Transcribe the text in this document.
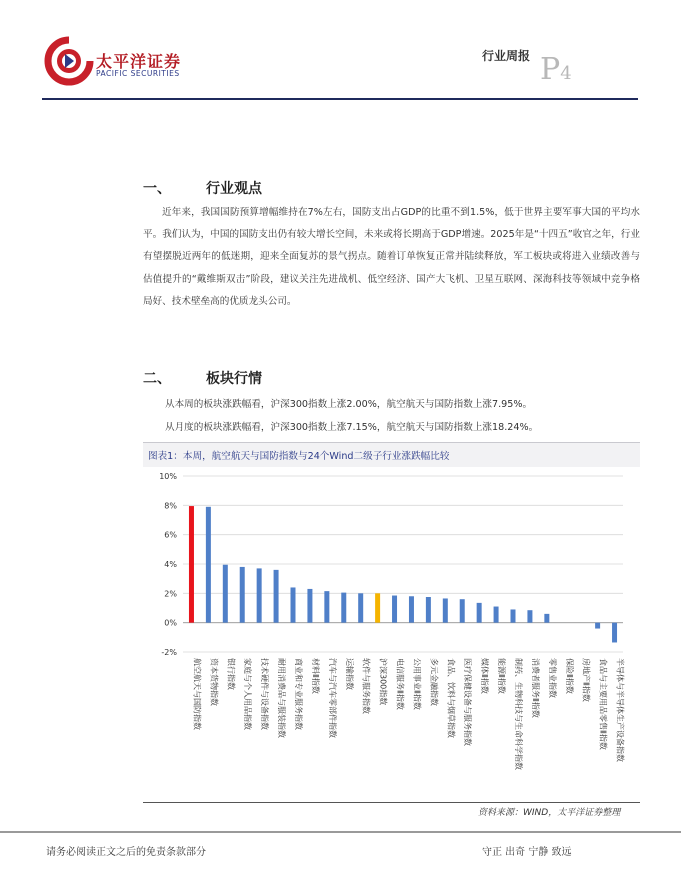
太平洋证券
PACIFIC SECURITIES
行业周报 P4
一、	行业观点
近年来，我国国防预算增幅维持在7%左右，国防支出占GDP的比重不到1.5%，低于世界主要军事大国的平均水平。我们认为，中国的国防支出仍有较大增长空间，未来或将长期高于GDP增速。2025年是“十四五”收官之年，行业有望摆脱近两年的低迷期，迎来全面复苏的景气拐点。随着订单恢复正常并陆续释放，军工板块或将进入业绩改善与估值提升的“戴维斯双击”阶段，建议关注先进战机、低空经济、国产大飞机、卫星互联网、深海科技等领域中竞争格局好、技术壁垒高的优质龙头公司。
二、	板块行情
从本周的板块涨跌幅看，沪深300指数上涨2.00%，航空航天与国防指数上涨7.95%。
从月度的板块涨跌幅看，沪深300指数上涨7.15%，航空航天与国防指数上涨18.24%。
图表1：本周，航空航天与国防指数与24个Wind二级子行业涨跌幅比较
10%
8%
6%
4%
2%
0%
-2%
航空航天与国防指数 资本货物指数 银行指数 家庭与个人用品指数 技术硬件与设备指数 耐用消费品与服装指数 商业和专业服务指数 材料Ⅱ指数 汽车与汽车零部件指数 运输指数 软件与服务指数 沪深300指数 电信服务Ⅱ指数 公用事业Ⅱ指数 多元金融指数 食品、饮料与烟草指数 医疗保健设备与服务指数 媒体Ⅱ指数 能源Ⅱ指数 制药、生物科技与生命科学指数 消费者服务Ⅱ指数 零售业指数 保险Ⅱ指数 房地产Ⅱ指数 食品与主要用品零售Ⅱ指数 半导体与半导体生产设备指数
资料来源：WIND，太平洋证券整理
请务必阅读正文之后的免责条款部分	守正 出奇 宁静 致远
